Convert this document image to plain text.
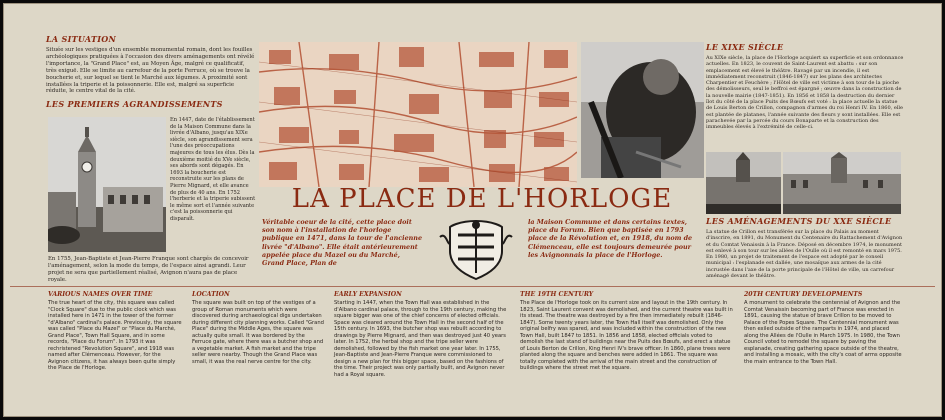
LA SITUATION
Située sur les vestiges d'un ensemble monumental romain, dont les fouilles archéologiques pratiquées à l'occasion des divers aménagements ont révélé l'importance, la "Grand Place" est, au Moyen Âge, malgré ce qualificatif, très exiguë. Elle se limite au carrefour de la porte Ferruce, où se trouve la boucherie et, sur lequel se tient le Marché aux légumes. A proximité sont installées la triperie et la poissonnerie. Elle est, malgré sa superficie réduite, le centre vital de la cité.
LES PREMIERS AGRANDISSEMENTS
En 1447, date de l'établissement de la Maison Commune dans la livrée d'Albano, jusqu'au XIXe siècle, son agrandissement sera l'une des préoccupations majeures de tous les élus. Dès la deuxième moitié du XVe siècle, ses abords sont dégagés. En 1693 la boucherie est reconstruite sur les plans de Pierre Mignard, et elle avance de plus de 40 ans. En 1752 l'herberie et la triperie subissent le même sort et l'année suivante c'est la poissonnerie qui disparaît.
En 1755, Jean-Baptiste et Jean-Pierre Franque sont chargés de concevoir l'aménagement, selon la mode du temps, de l'espace ainsi agrandi. Leur projet ne sera que partiellement réalisé, Avignon n'aura pas de place royale.
LE XIXE SIÈCLE
Au XIXe siècle, la place de l'Horloge acquiert sa superficie et son ordonnance actuelles. En 1823, le couvent de Saint-Laurent est abattu : sur son emplacement est élevé le théâtre. Ravagé par un incendie, il est immédiatement reconstruit (1846-1847) sur les plans des architectes Charpentier et Feuchère ; l'Hôtel de ville est victime à son tour de la pioche des démolisseurs, seul le beffroi est épargné ; œuvre dans la construction de la nouvelle mairie (1847-1851). En 1856 et 1858 la destruction du dernier îlot du côté de la place Puits des Bœufs est voté : la place actuelle la statue de Louis Berton de Crillon, compagnon d'armes du roi Henri IV. En 1860, elle est plantée de platanes, l'année suivante des fleurs y sont installées. Elle est parachevée par la percée du cours Bonaparte et la construction des immeubles élevés à l'extrémité de celle-ci.
LES AMÉNAGEMENTS DU XXE SIÈCLE
La statue de Crillon est transférée sur la place du Palais au moment d'inscrire, en 1891, du Monument du Centenaire du Rattachement d'Avignon et du Comtat Venaissin à la France. Déposé en décembre 1974, le monument est enlevé à son tour sur les allées de l'Oulle où il est remonté en mars 1975. En 1980, un projet de traitement de l'espace est adopté par le conseil municipal : l'esplanade est dallée, une mosaïque aux armes de la cité incrustée dans l'axe de la porte principale de l'Hôtel de ville, un carrefour aménagé devant le théâtre.
LA PLACE DE L'HORLOGE
Véritable coeur de la cité, cette place doit son nom à l'installation de l'horloge publique en 1471, dans la tour de l'ancienne livrée "d'Albano". Elle était antérieurement appelée place du Mazel ou du Marché, Grand Place, Plan de
la Maison Commune et dans certains textes, place du Forum. Bien que baptisée en 1793 place de la Révolution et, en 1918, du nom de Clémenceau, elle est toujours demeurée pour les Avignonnais la place de l'Horloge.
VARIOUS NAMES OVER TIME
The true heart of the city, this square was called "Clock Square" due to the public clock which was installed here in 1471 in the tower of the former "d'Albano" cardinal's palace. Previously, the square was called "Place du Mazel" or "Place du Marché, Grand Place", Town Hall Square, and in some records, "Place du Forum". In 1793 it was rechristened "Revolution Square", and 1918 was named after Clémenceau. However, for the Avignon citizens, it has always been quite simply the Place de l'Horloge.
LOCATION
The square was built on top of the vestiges of a group of Roman monuments which were discovered during archaeological digs undertaken during different city planning works. Called "Grand Place" during the Middle Ages, the square was actually quite small. It was bordered by the Ferruce gate, where there was a butcher shop and a vegetable market. A fish market and the tripe seller were nearby. Though the Grand Place was small, it was the real nerve centre for the city.
EARLY EXPANSION
Starting in 1447, when the Town Hall was established in the d'Albano cardinal palace, through to the 19th century, making the square bigger was one of the chief concerns of elected officials. Space was cleared around the Town Hall in the second half of the 15th century. In 1693, the butcher shop was rebuilt according to drawings by Pierre Mignard, and then was destroyed just 40 years later. In 1752, the herbal shop and the tripe seller were demolished, followed by the fish market one year later. In 1755, Jean-Baptiste and Jean-Pierre Franque were commissioned to design a new plan for this bigger space, based on the fashions of the time. Their project was only partially built, and Avignon never had a Royal square.
THE 19TH CENTURY
The Place de l'Horloge took on its current size and layout in the 19th century. In 1823, Saint Laurent convent was demolished, and the current theatre was built in its stead. The theatre was destroyed by a fire then immediately rebuilt (1846-1847). Some twenty years later, the Town Hall itself was demolished. Only the original belfry was spared, and was included within the construction of the new Town Hall, built 1847 to 1851. In 1856 and 1858, elected officials voted to demolish the last stand of buildings near the Puits des Bœufs, and erect a statue of Louis Berton de Crillon, King Henri IV's brave officer. In 1860, plane trees were planted along the square and benches were added in 1861. The square was totally completed with the arrival of the main street and the construction of buildings where the street met the square.
20TH CENTURY DEVELOPMENTS
A monument to celebrate the centennial of Avignon and the Comtat Venaissin becoming part of France was erected in 1891, causing the statue of brave Crillon to be moved to Palace of the Popes Square. The Centennial monument was then exiled outside of the ramparts in 1974, and placed along the Allées de l'Oulle in March 1975. In 1980, the Town Council voted to remodel the square by paving the esplanade, creating gathering space outside of the theatre, and installing a mosaic, with the city's coat of arms opposite the main entrance to the Town Hall.
